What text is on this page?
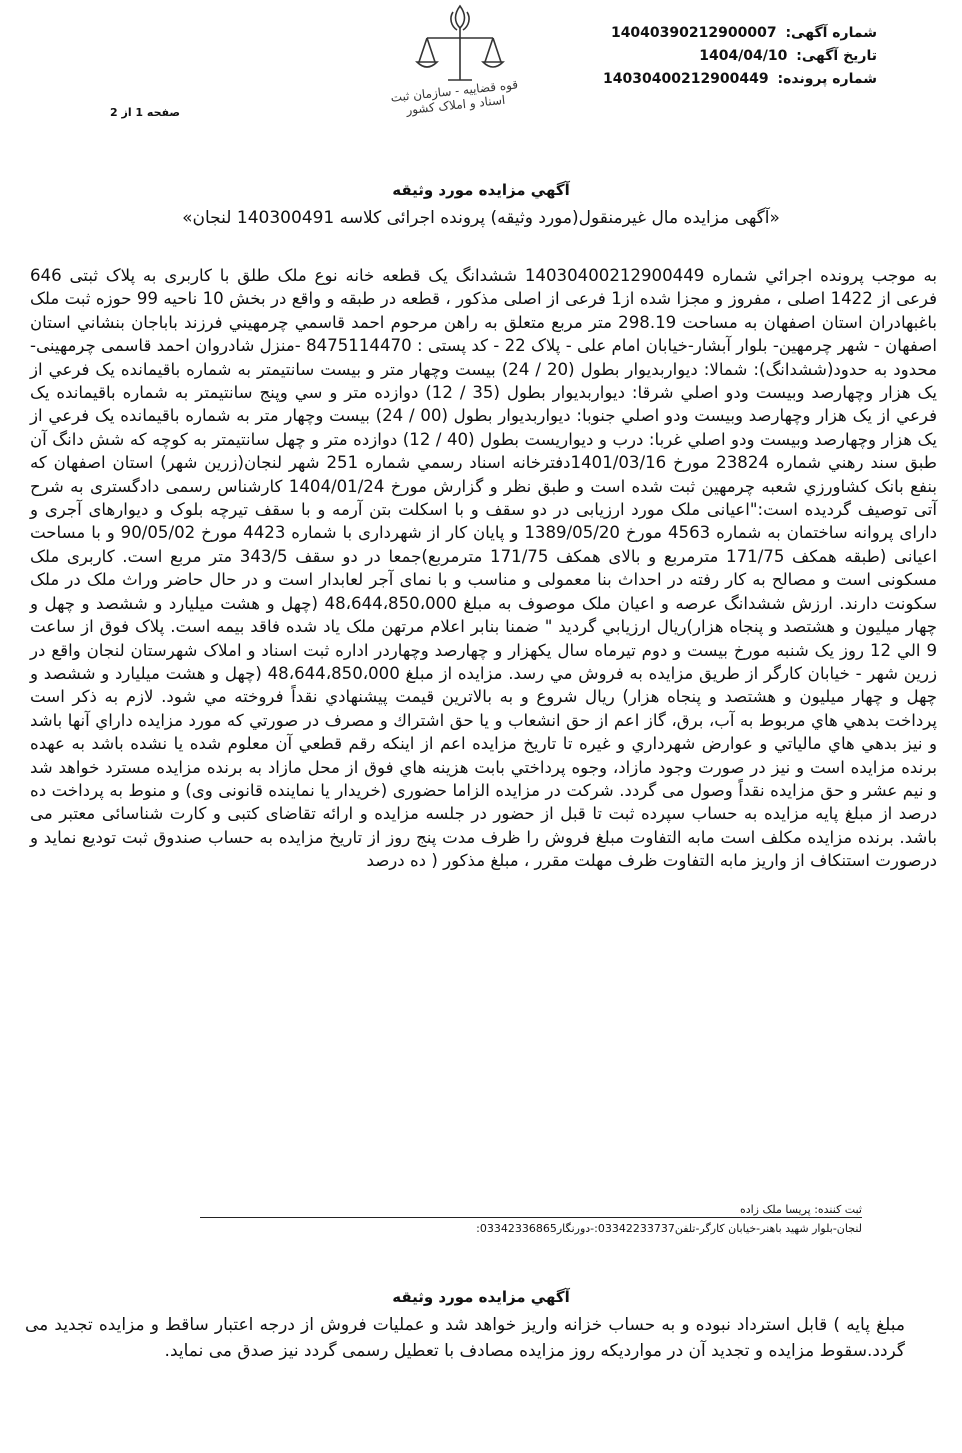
شماره آگهی: 14040390212900007
تاریخ آگهی: 1404/04/10
شماره پرونده: 14030400212900449
قوه قضاییه - سازمان ثبت اسناد و املاک کشور
صفحه 1 از 2
آگهي مزايده مورد وثيقه
«آگهی مزایده مال غیرمنقول(مورد وثیقه) پرونده اجرائی کلاسه 140300491 لنجان»
به موجب پرونده اجرائي شماره 14030400212900449 ششدانگ یک قطعه خانه نوع ملک طلق با كاربری به پلاک ثبتی 646 فرعی از 1422 اصلی ، مفروز و مجزا شده از1 فرعی از اصلی مذکور ، قطعه در طبقه و واقع در بخش 10 ناحیه 99 حوزه ثبت ملک باغبهادران استان اصفهان به مساحت 298.19 متر مربع متعلق به راهن مرحوم احمد قاسمي چرمهيني فرزند باباجان بنشاني استان اصفهان - شهر چرمهين- بلوار آبشار-خیابان امام علی - پلاک 22 - کد پستی : 8475114470 -منزل شادروان احمد قاسمی چرمهینی- محدود به حدود(ششدانگ): شمالا: ديواربديوار بطول (20 / 24) بيست وچهار متر و بيست سانتيمتر به شماره باقيمانده يک فرعي از يک هزار وچهارصد وبيست ودو اصلي شرقا: ديواربديوار بطول (35 / 12) دوازده متر و سي وپنج سانتيمتر به شماره باقيمانده يک فرعي از يک هزار وچهارصد وبيست ودو اصلي جنوبا: ديواربديوار بطول (00 / 24) بيست وچهار متر به شماره باقيمانده يک فرعي از يک هزار وچهارصد وبيست ودو اصلي غربا: درب و ديواريست بطول (40 / 12) دوازده متر و چهل سانتيمتر به کوچه که شش دانگ آن طبق سند رهني شماره 23824 مورخ 1401/03/16دفترخانه اسناد رسمي شماره 251 شهر لنجان(زرين شهر) استان اصفهان كه بنفع بانک کشاورزي شعبه چرمهين ثبت شده است و طبق نظر و گزارش مورخ 1404/01/24 کارشناس رسمی دادگستری به شرح آتی توصیف گردیده است:"اعیانی ملک مورد ارزیابی در دو سقف و با اسکلت بتن آرمه و با سقف تیرچه بلوک و دیوارهای آجری و دارای پروانه ساختمان به شماره 4563 مورخ 1389/05/20 و پایان کار از شهرداری با شماره 4423 مورخ 90/05/02 و با مساحت اعیانی (طبقه همکف 171/75 مترمربع و بالای همکف 171/75 مترمربع)جمعا در دو سقف 343/5 متر مربع است. کاربری ملک مسکونی است و مصالح به کار رفته در احداث بنا معمولی و مناسب و با نمای آجر لعابدار است و در حال حاضر وراث ملک در ملک سکونت دارند. ارزش ششدانگ عرصه و اعیان ملک موصوف به مبلغ 48،644،850،000 (چهل و هشت میلیارد و ششصد و چهل و چهار میلیون و هشتصد و پنجاه هزار)ريال ارزيابي گرديد " ضمنا بنابر اعلام مرتهن ملک ياد شده فاقد بيمه است. پلاک فوق از ساعت 9 الي 12 روز یک شنبه مورخ بیست و دوم تیرماه سال یکهزار و چهارصد وچهاردر اداره ثبت اسناد و املاک شهرستان لنجان واقع در زرين شهر - خیابان کارگر از طريق مزايده به فروش مي رسد. مزايده از مبلغ 48،644،850،000 (چهل و هشت میلیارد و ششصد و چهل و چهار میلیون و هشتصد و پنجاه هزار) ريال شروع و به بالاترين قيمت پيشنهادي نقداً فروخته مي شود. لازم به ذکر است پرداخت بدهي هاي مربوط به آب، برق، گاز اعم از حق انشعاب و يا حق اشتراك و مصرف در صورتي که مورد مزايده داراي آنها باشد و نيز بدهي هاي مالياتي و عوارض شهرداري و غيره تا تاريخ مزايده اعم از اينکه رقم قطعي آن معلوم شده يا نشده باشد به عهده برنده مزايده است و نيز در صورت وجود مازاد، وجوه پرداختي بابت هزينه هاي فوق از محل مازاد به برنده مزايده مسترد خواهد شد و نیم عشر و حق مزایده نقداً وصول می گردد. شرکت در مزایده الزاما حضوری (خریدار یا نماینده قانونی وی) و منوط به پرداخت ده درصد از مبلغ پایه مزایده به حساب سپرده ثبت تا قبل از حضور در جلسه مزایده و ارائه تقاضای کتبی و کارت شناسائی معتبر می باشد. برنده مزایده مکلف است مابه التفاوت مبلغ فروش را ظرف مدت پنج روز از تاریخ مزایده به حساب صندوق ثبت تودیع نماید و درصورت استنکاف از واریز مابه التفاوت ظرف مهلت مقرر ، مبلغ مذکور ( ده درصد
ثبت کننده: پریسا ملک زاده
لنجان-بلوار شهید باهنر-خیابان کارگر-تلفن03342233737:-دورنگار03342336865:
آگهي مزايده مورد وثيقه
مبلغ پایه ) قابل استرداد نبوده و به حساب خزانه واریز خواهد شد و عملیات فروش از درجه اعتبار ساقط و مزایده تجدید می گردد.سقوط مزایده و تجدید آن در مواردیکه روز مزایده مصادف با تعطیل رسمی گردد نیز صدق می نماید.
